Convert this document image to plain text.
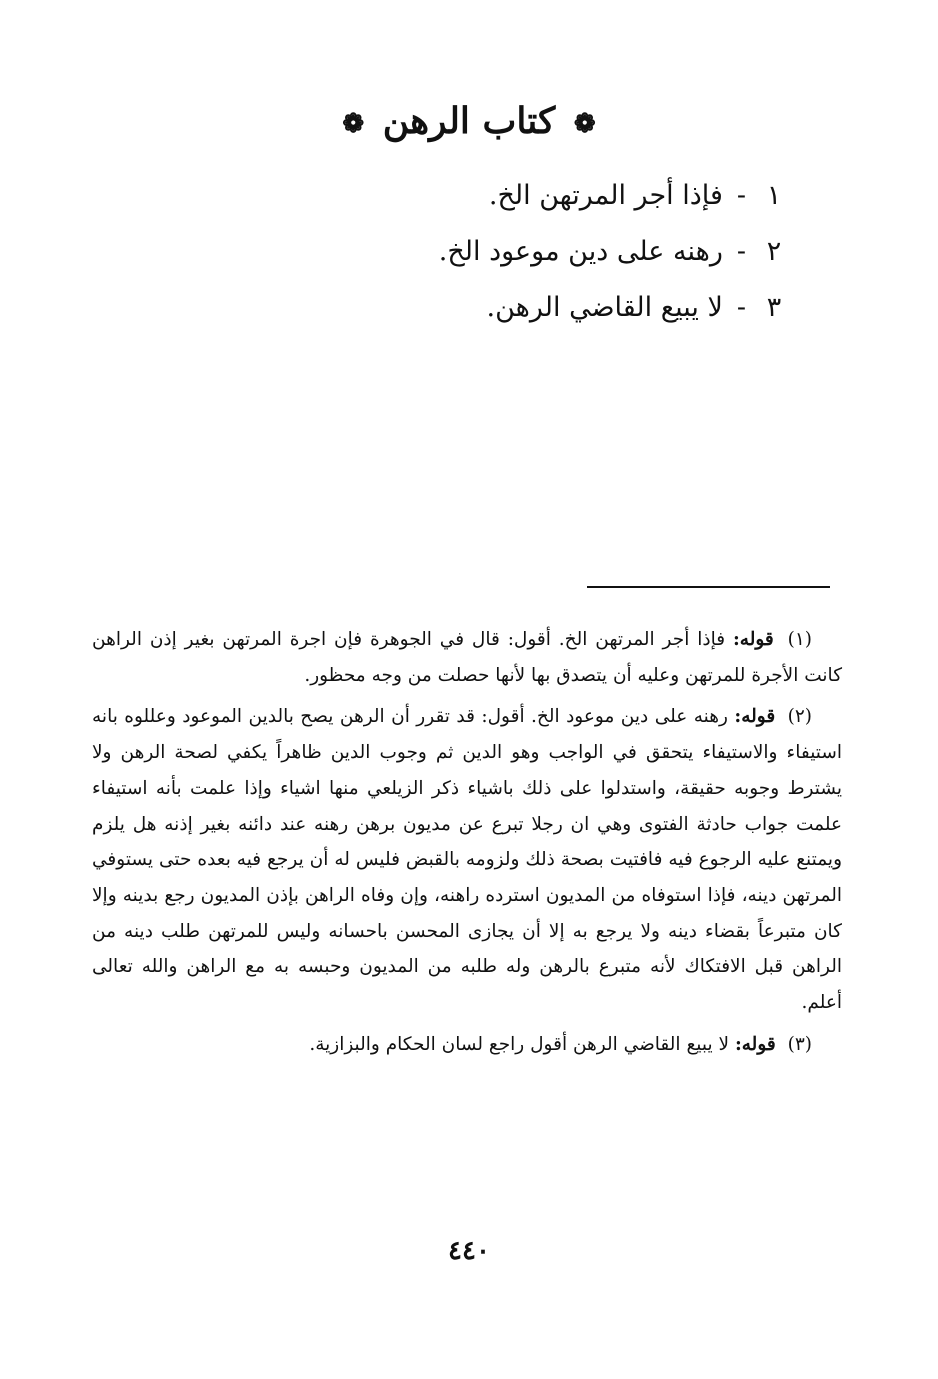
❁ كتاب الرهن ❁
١-فإذا أجر المرتهن الخ.
٢-رهنه على دين موعود الخ.
٣-لا يبيع القاضي الرهن.

(١) قوله: فإذا أجر المرتهن الخ. أقول: قال في الجوهرة فإن اجرة المرتهن بغير إذن الراهن كانت الأجرة للمرتهن وعليه أن يتصدق بها لأنها حصلت من وجه محظور.

(٢) قوله: رهنه على دين موعود الخ. أقول: قد تقرر أن الرهن يصح بالدين الموعود وعللوه بانه استيفاء والاستيفاء يتحقق في الواجب وهو الدين ثم وجوب الدين ظاهراً يكفي لصحة الرهن ولا يشترط وجوبه حقيقة، واستدلوا على ذلك باشياء ذكر الزيلعي منها اشياء وإذا علمت بأنه استيفاء علمت جواب حادثة الفتوى وهي ان رجلا تبرع عن مديون برهن رهنه عند دائنه بغير إذنه هل يلزم ويمتنع عليه الرجوع فيه فافتيت بصحة ذلك ولزومه بالقبض فليس له أن يرجع فيه بعده حتى يستوفي المرتهن دينه، فإذا استوفاه من المديون استرده راهنه، وإن وفاه الراهن بإذن المديون رجع بدينه وإلا كان متبرعاً بقضاء دينه ولا يرجع به إلا أن يجازى المحسن باحسانه وليس للمرتهن طلب دينه من الراهن قبل الافتكاك لأنه متبرع بالرهن وله طلبه من المديون وحبسه به مع الراهن والله تعالى أعلم.

(٣) قوله: لا يبيع القاضي الرهن أقول راجع لسان الحكام والبزازية.

٤٤٠
